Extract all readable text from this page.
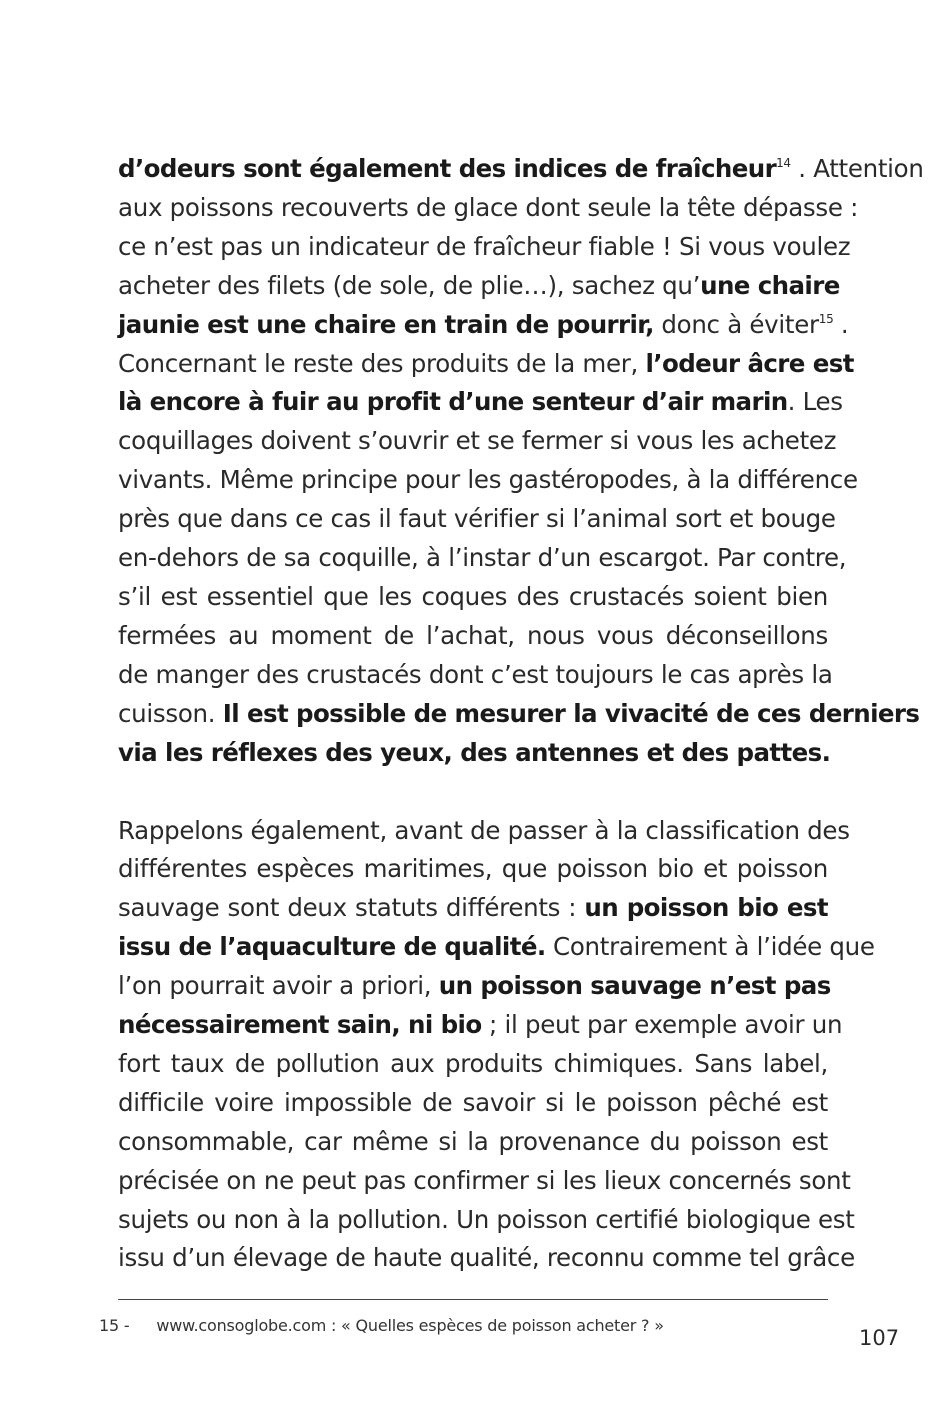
d’odeurs sont également des indices de fraîcheur$^{14}$ . Attention
aux poissons recouverts de glace dont seule la tête dépasse :
ce n’est pas un indicateur de fraîcheur fiable ! Si vous voulez
acheter des filets (de sole, de plie…), sachez qu’une chaire
jaunie est une chaire en train de pourrir, donc à éviter$^{15}$ .
Concernant le reste des produits de la mer, l’odeur âcre est
là encore à fuir au profit d’une senteur d’air marin. Les
coquillages doivent s’ouvrir et se fermer si vous les achetez
vivants. Même principe pour les gastéropodes, à la différence
près que dans ce cas il faut vérifier si l’animal sort et bouge
en-dehors de sa coquille, à l’instar d’un escargot. Par contre,
s’il est essentiel que les coques des crustacés soient bien
fermées au moment de l’achat, nous vous déconseillons
de manger des crustacés dont c’est toujours le cas après la
cuisson. Il est possible de mesurer la vivacité de ces derniers
via les réflexes des yeux, des antennes et des pattes.
Rappelons également, avant de passer à la classification des
différentes espèces maritimes, que poisson bio et poisson
sauvage sont deux statuts différents : un poisson bio est
issu de l’aquaculture de qualité. Contrairement à l’idée que
l’on pourrait avoir a priori, un poisson sauvage n’est pas
nécessairement sain, ni bio ; il peut par exemple avoir un
fort taux de pollution aux produits chimiques. Sans label,
difficile voire impossible de savoir si le poisson pêché est
consommable, car même si la provenance du poisson est
précisée on ne peut pas confirmer si les lieux concernés sont
sujets ou non à la pollution. Un poisson certifié biologique est
issu d’un élevage de haute qualité, reconnu comme tel grâce
15 - www.consoglobe.com : « Quelles espèces de poisson acheter ? »
107
